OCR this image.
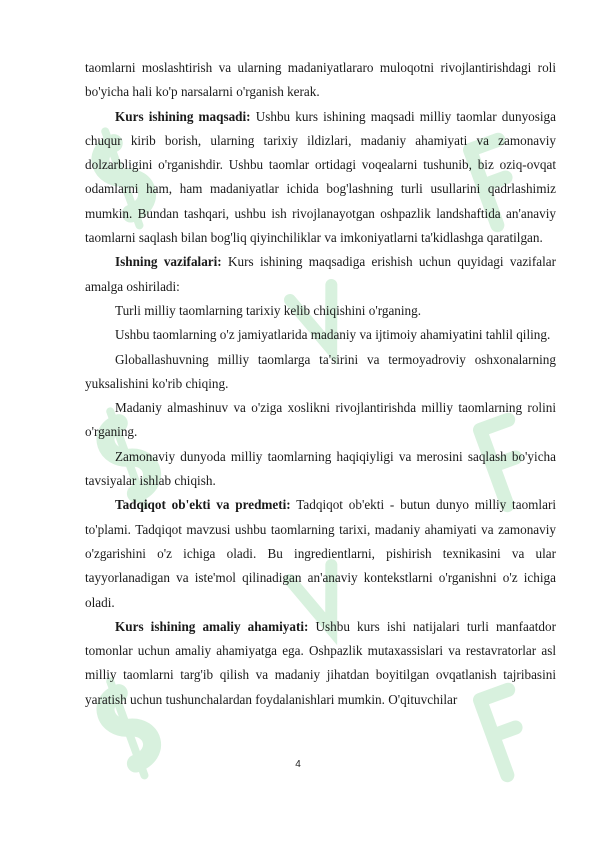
taomlarni moslashtirish va ularning madaniyatlararo muloqotni rivojlantirishdagi roli bo'yicha hali ko'p narsalarni o'rganish kerak.

Kurs ishining maqsadi: Ushbu kurs ishining maqsadi milliy taomlar dunyosiga chuqur kirib borish, ularning tarixiy ildizlari, madaniy ahamiyati va zamonaviy dolzarbligini o'rganishdir. Ushbu taomlar ortidagi voqealarni tushunib, biz oziq-ovqat odamlarni ham, ham madaniyatlar ichida bog'lashning turli usullarini qadrlashimiz mumkin. Bundan tashqari, ushbu ish rivojlanayotgan oshpazlik landshaftida an'anaviy taomlarni saqlash bilan bog'liq qiyinchiliklar va imkoniyatlarni ta'kidlashga qaratilgan.

Ishning vazifalari: Kurs ishining maqsadiga erishish uchun quyidagi vazifalar amalga oshiriladi:

Turli milliy taomlarning tarixiy kelib chiqishini o'rganing.

Ushbu taomlarning o'z jamiyatlarida madaniy va ijtimoiy ahamiyatini tahlil qiling.

Globallashuvning milliy taomlarga ta'sirini va termoyadroviy oshxonalarning yuksalishini ko'rib chiqing.

Madaniy almashinuv va o'ziga xoslikni rivojlantirishda milliy taomlarning rolini o'rganing.

Zamonaviy dunyoda milliy taomlarning haqiqiyligi va merosini saqlash bo'yicha tavsiyalar ishlab chiqish.

Tadqiqot ob'ekti va predmeti: Tadqiqot ob'ekti - butun dunyo milliy taomlari to'plami. Tadqiqot mavzusi ushbu taomlarning tarixi, madaniy ahamiyati va zamonaviy o'zgarishini o'z ichiga oladi. Bu ingredientlarni, pishirish texnikasini va ular tayyorlanadigan va iste'mol qilinadigan an'anaviy kontekstlarni o'rganishni o'z ichiga oladi.

Kurs ishining amaliy ahamiyati: Ushbu kurs ishi natijalari turli manfaatdor tomonlar uchun amaliy ahamiyatga ega. Oshpazlik mutaxassislari va restavratorlar asl milliy taomlarni targ'ib qilish va madaniy jihatdan boyitilgan ovqatlanish tajribasini yaratish uchun tushunchalardan foydalanishlari mumkin. O'qituvchilar

4
